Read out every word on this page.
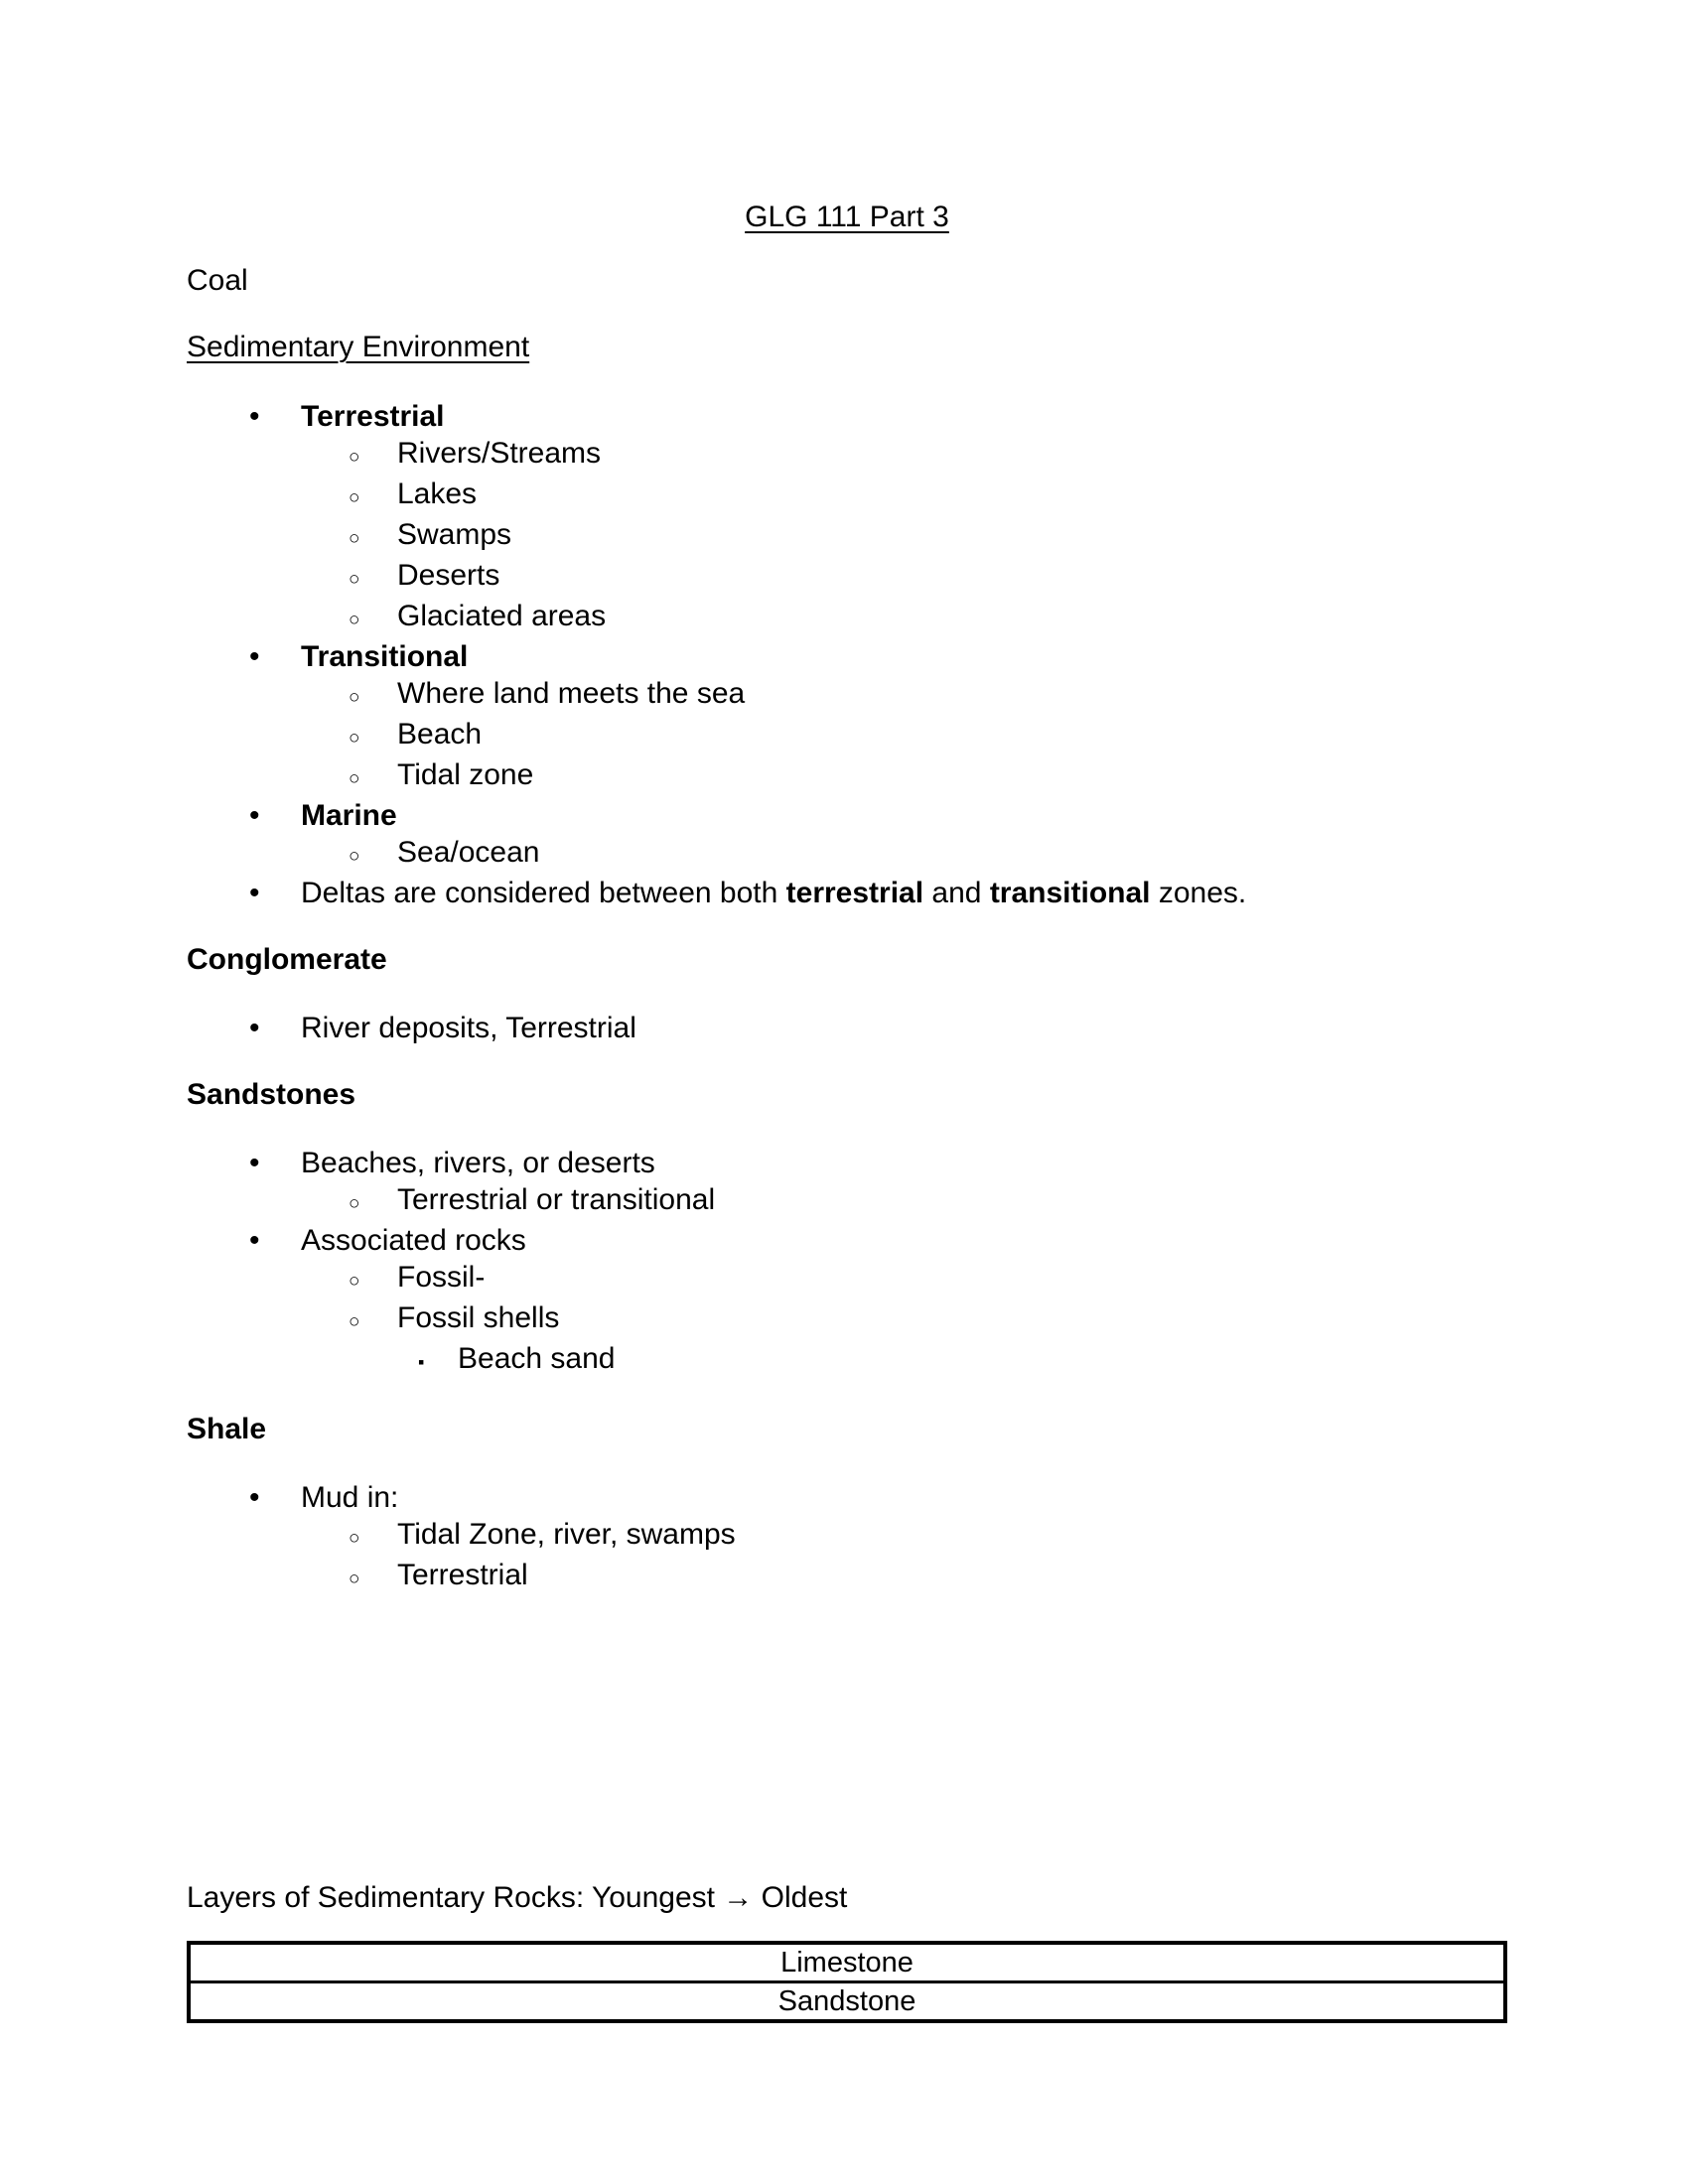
GLG 111 Part 3
Coal
Sedimentary Environment
•	Terrestrial
○	Rivers/Streams
○	Lakes
○	Swamps
○	Deserts
○	Glaciated areas
•	Transitional
○	Where land meets the sea
○	Beach
○	Tidal zone
•	Marine
○	Sea/ocean
•	Deltas are considered between both terrestrial and transitional zones.
Conglomerate
•	River deposits, Terrestrial
Sandstones
•	Beaches, rivers, or deserts
○	Terrestrial or transitional
•	Associated rocks
○	Fossil-
○	Fossil shells
▪	Beach sand
Shale
•	Mud in:
○	Tidal Zone, river, swamps
○	Terrestrial
Layers of Sedimentary Rocks: Youngest → Oldest
Limestone
Sandstone
